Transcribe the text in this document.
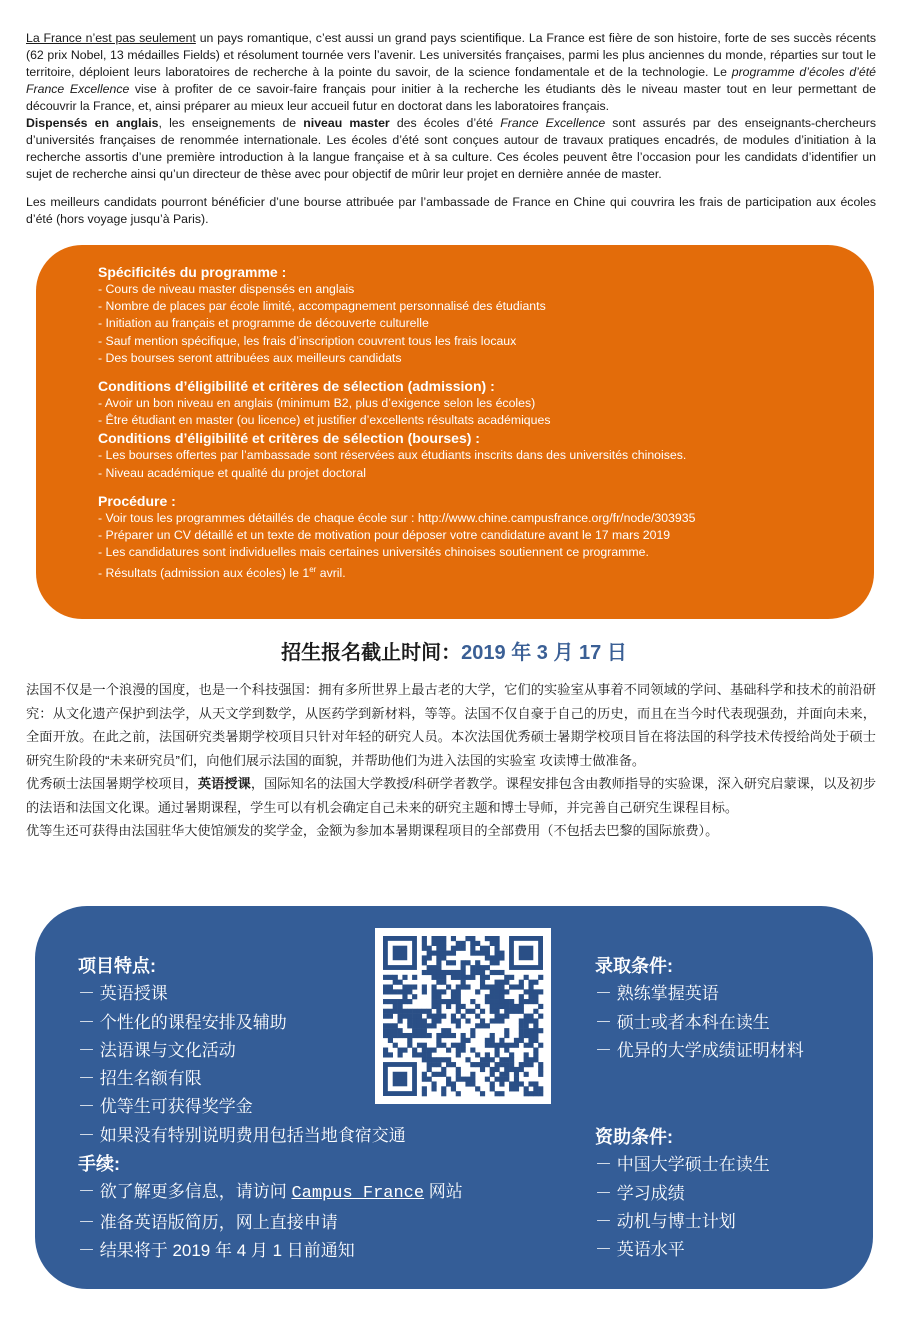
La France n’est pas seulement un pays romantique, c’est aussi un grand pays scientifique. La France est fière de son histoire, forte de ses succès récents (62 prix Nobel, 13 médailles Fields) et résolument tournée vers l’avenir. Les universités françaises, parmi les plus anciennes du monde, réparties sur tout le territoire, déploient leurs laboratoires de recherche à la pointe du savoir, de la science fondamentale et de la technologie. Le programme d’écoles d’été France Excellence vise à profiter de ce savoir-faire français pour initier à la recherche les étudiants dès le niveau master tout en leur permettant de découvrir la France, et, ainsi préparer au mieux leur accueil futur en doctorat dans les laboratoires français.
Dispensés en anglais, les enseignements de niveau master des écoles d’été France Excellence sont assurés par des enseignants-chercheurs d’universités françaises de renommée internationale. Les écoles d’été sont conçues autour de travaux pratiques encadrés, de modules d’initiation à la recherche assortis d’une première introduction à la langue française et à sa culture. Ces écoles peuvent être l’occasion pour les candidats d’identifier un sujet de recherche ainsi qu’un directeur de thèse avec pour objectif de mûrir leur projet en dernière année de master.

Les meilleurs candidats pourront bénéficier d’une bourse attribuée par l’ambassade de France en Chine qui couvrira les frais de participation aux écoles d’été (hors voyage jusqu’à Paris).

Spécificités du programme :
- Cours de niveau master dispensés en anglais
- Nombre de places par école limité, accompagnement personnalisé des étudiants
- Initiation au français et programme de découverte culturelle
- Sauf mention spécifique, les frais d’inscription couvrent tous les frais locaux
- Des bourses seront attribuées aux meilleurs candidats
Conditions d’éligibilité et critères de sélection (admission) :
- Avoir un bon niveau en anglais (minimum B2, plus d’exigence selon les écoles)
- Être étudiant en master (ou licence) et justifier d’excellents résultats académiques
Conditions d’éligibilité et critères de sélection (bourses) :
- Les bourses offertes par l’ambassade sont réservées aux étudiants inscrits dans des universités chinoises.
- Niveau académique et qualité du projet doctoral
Procédure :
- Voir tous les programmes détaillés de chaque école sur : http://www.chine.campusfrance.org/fr/node/303935
- Préparer un CV détaillé et un texte de motivation pour déposer votre candidature avant le 17 mars 2019
- Les candidatures sont individuelles mais certaines universités chinoises soutiennent ce programme.
- Résultats (admission aux écoles) le 1er avril.
招生报名截止时间：2019 年 3 月 17 日

法国不仅是一个浪漫的国度，也是一个科技强国：拥有多所世界上最古老的大学，它们的实验室从事着不同领域的学问、基础科学和技术的前沿研究：从文化遗产保护到法学，从天文学到数学，从医药学到新材料，等等。法国不仅自豪于自己的历史，而且在当今时代表现强劲，并面向未来，全面开放。在此之前，法国研究类暑期学校项目只针对年轻的研究人员。本次法国优秀硕士暑期学校项目旨在将法国的科学技术传授给尚处于硕士研究生阶段的“未来研究员”们，向他们展示法国的面貌，并帮助他们为进入法国的实验室 攻读博士做准备。

优秀硕士法国暑期学校项目，英语授课，国际知名的法国大学教授/科研学者教学。课程安排包含由教师指导的实验课，深入研究启蒙课，以及初步的法语和法国文化课。通过暑期课程，学生可以有机会确定自己未来的研究主题和博士导师，并完善自己研究生课程目标。

优等生还可获得由法国驻华大使馆颁发的奖学金，金额为参加本暑期课程项目的全部费用（不包括去巴黎的国际旅费）。

项目特点:
－ 英语授课
－ 个性化的课程安排及辅助
－ 法语课与文化活动
－ 招生名额有限
－ 优等生可获得奖学金
－ 如果没有特别说明费用包括当地食宿交通
手续:
－ 欲了解更多信息，请访问 Campus France 网站
－ 准备英语版简历，网上直接申请
－ 结果将于 2019 年 4 月 1 日前通知
录取条件:
－ 熟练掌握英语
－ 硕士或者本科在读生
－ 优异的大学成绩证明材料
资助条件:
－ 中国大学硕士在读生
－ 学习成绩
－ 动机与博士计划
－ 英语水平
